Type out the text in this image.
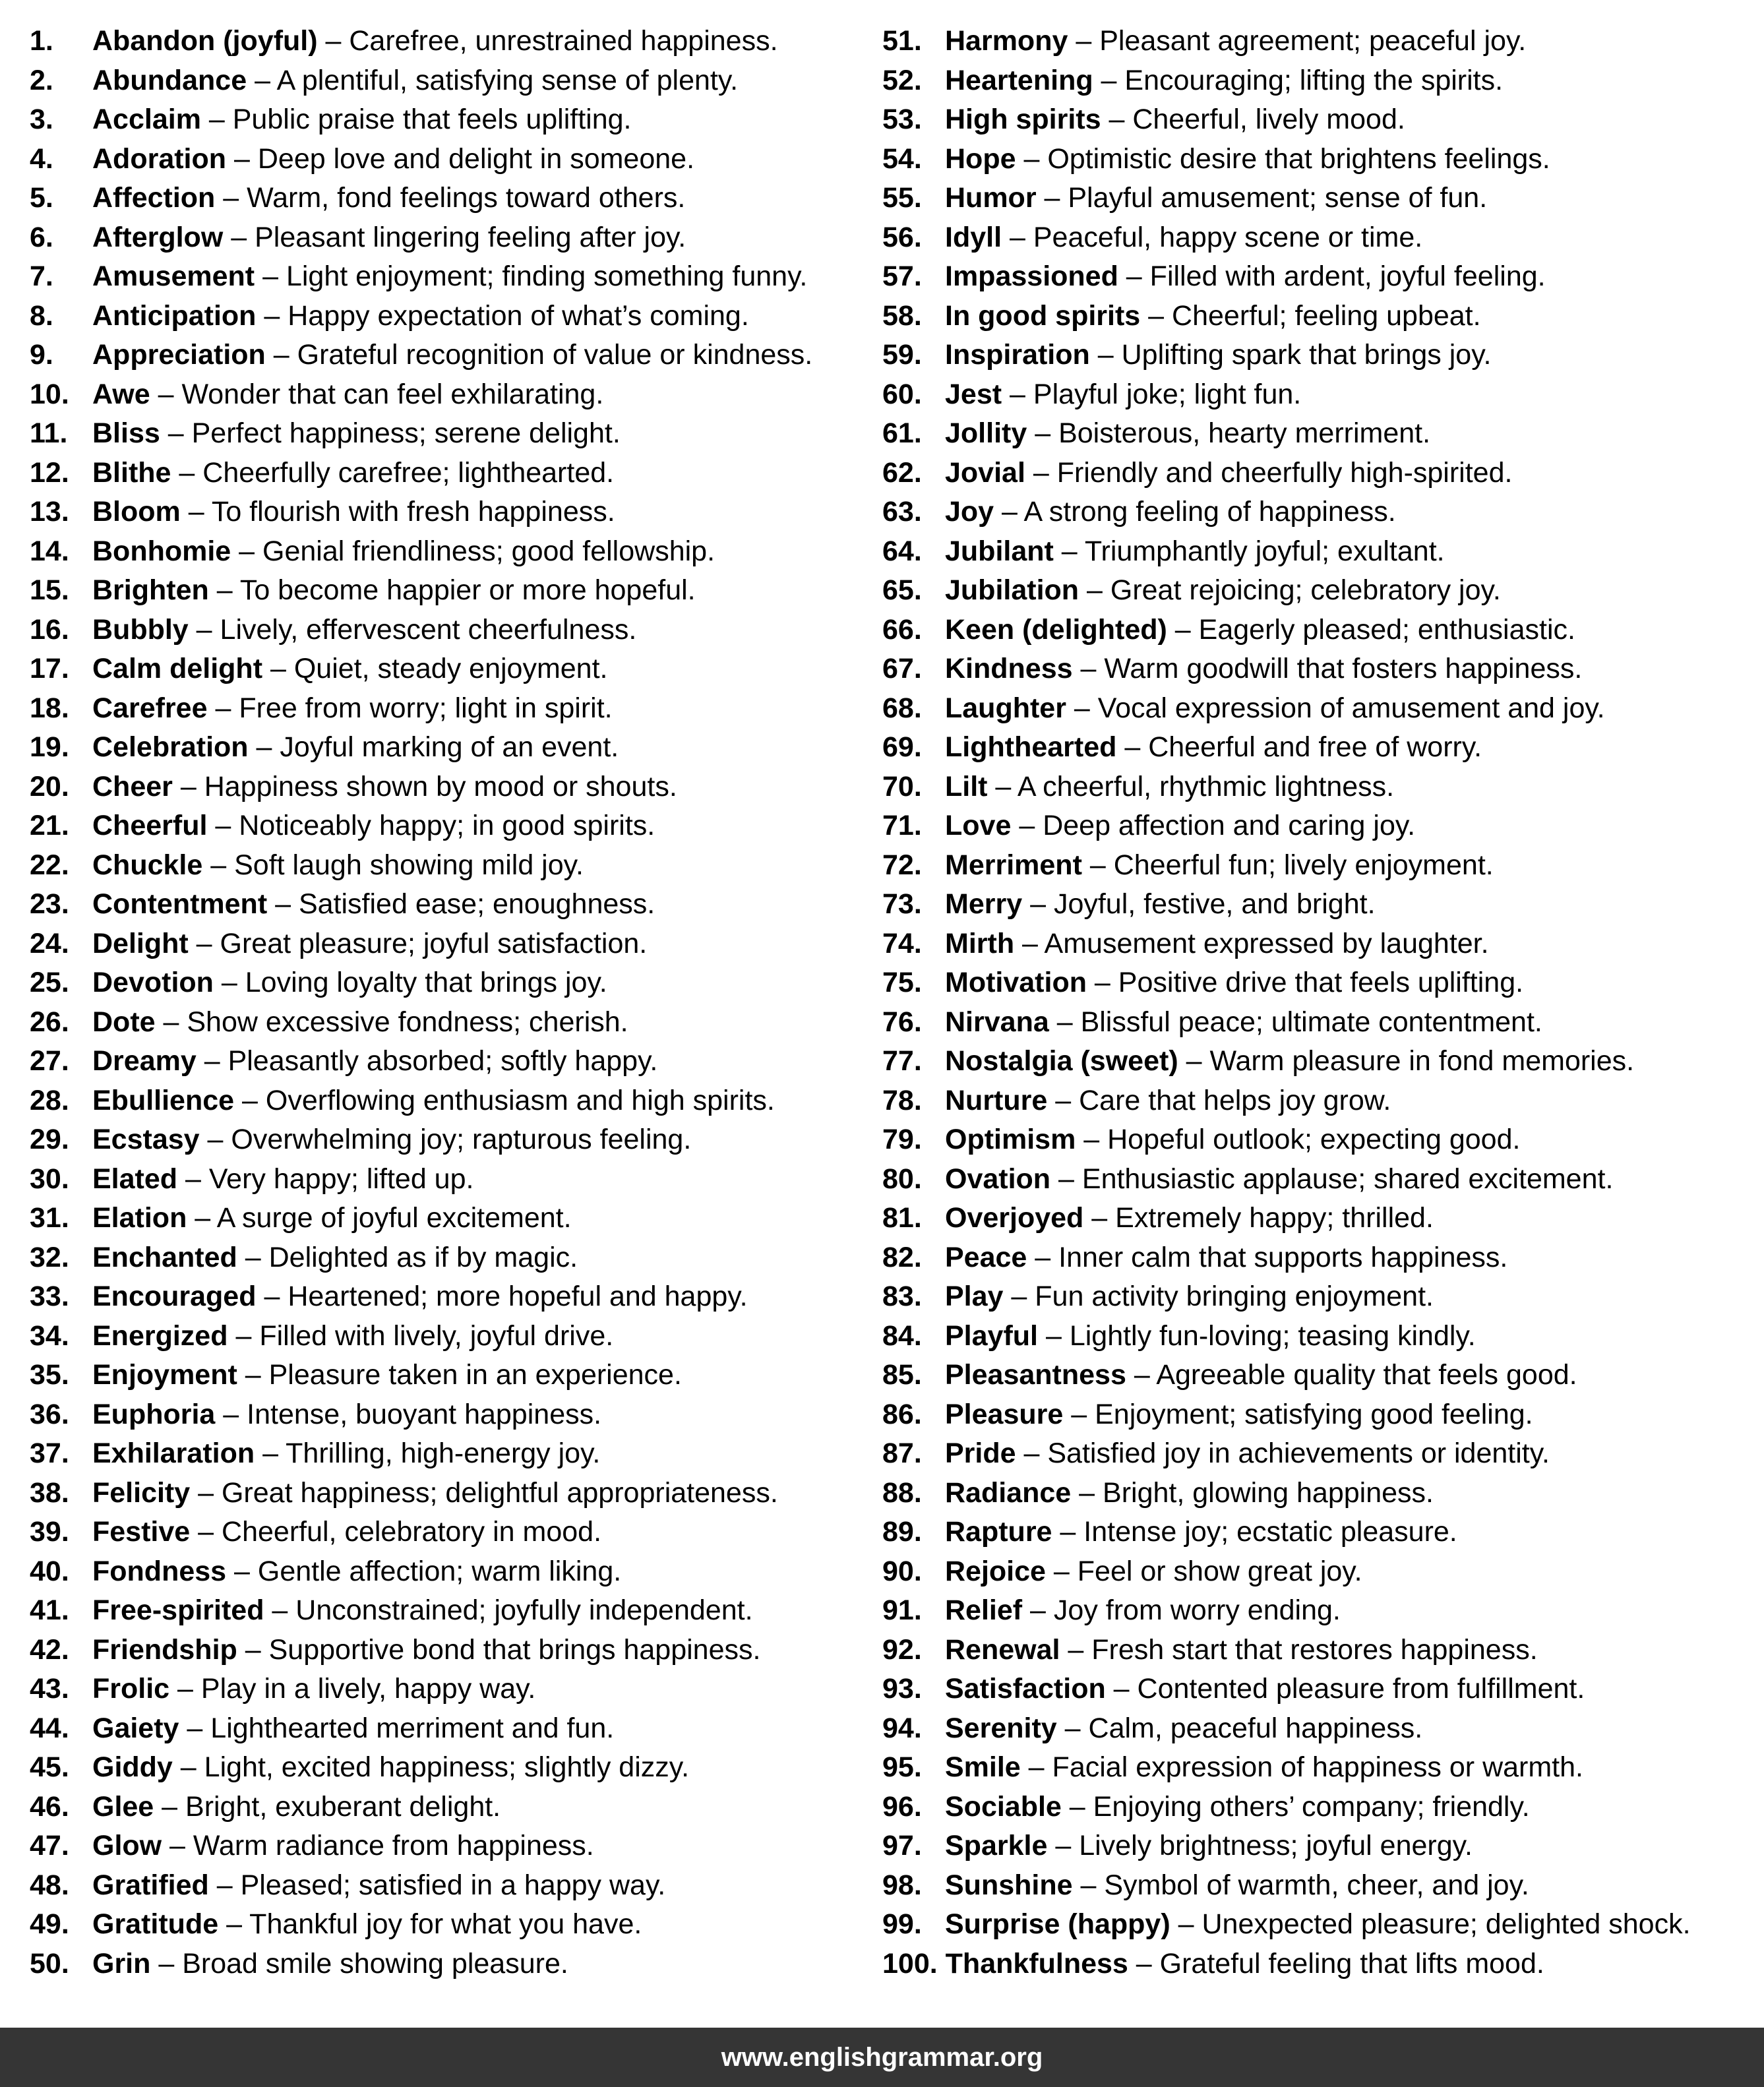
1. Abandon (joyful) – Carefree, unrestrained happiness.
2. Abundance – A plentiful, satisfying sense of plenty.
3. Acclaim – Public praise that feels uplifting.
4. Adoration – Deep love and delight in someone.
5. Affection – Warm, fond feelings toward others.
6. Afterglow – Pleasant lingering feeling after joy.
7. Amusement – Light enjoyment; finding something funny.
8. Anticipation – Happy expectation of what’s coming.
9. Appreciation – Grateful recognition of value or kindness.
10. Awe – Wonder that can feel exhilarating.
11. Bliss – Perfect happiness; serene delight.
12. Blithe – Cheerfully carefree; lighthearted.
13. Bloom – To flourish with fresh happiness.
14. Bonhomie – Genial friendliness; good fellowship.
15. Brighten – To become happier or more hopeful.
16. Bubbly – Lively, effervescent cheerfulness.
17. Calm delight – Quiet, steady enjoyment.
18. Carefree – Free from worry; light in spirit.
19. Celebration – Joyful marking of an event.
20. Cheer – Happiness shown by mood or shouts.
21. Cheerful – Noticeably happy; in good spirits.
22. Chuckle – Soft laugh showing mild joy.
23. Contentment – Satisfied ease; enoughness.
24. Delight – Great pleasure; joyful satisfaction.
25. Devotion – Loving loyalty that brings joy.
26. Dote – Show excessive fondness; cherish.
27. Dreamy – Pleasantly absorbed; softly happy.
28. Ebullience – Overflowing enthusiasm and high spirits.
29. Ecstasy – Overwhelming joy; rapturous feeling.
30. Elated – Very happy; lifted up.
31. Elation – A surge of joyful excitement.
32. Enchanted – Delighted as if by magic.
33. Encouraged – Heartened; more hopeful and happy.
34. Energized – Filled with lively, joyful drive.
35. Enjoyment – Pleasure taken in an experience.
36. Euphoria – Intense, buoyant happiness.
37. Exhilaration – Thrilling, high-energy joy.
38. Felicity – Great happiness; delightful appropriateness.
39. Festive – Cheerful, celebratory in mood.
40. Fondness – Gentle affection; warm liking.
41. Free-spirited – Unconstrained; joyfully independent.
42. Friendship – Supportive bond that brings happiness.
43. Frolic – Play in a lively, happy way.
44. Gaiety – Lighthearted merriment and fun.
45. Giddy – Light, excited happiness; slightly dizzy.
46. Glee – Bright, exuberant delight.
47. Glow – Warm radiance from happiness.
48. Gratified – Pleased; satisfied in a happy way.
49. Gratitude – Thankful joy for what you have.
50. Grin – Broad smile showing pleasure.
51. Harmony – Pleasant agreement; peaceful joy.
52. Heartening – Encouraging; lifting the spirits.
53. High spirits – Cheerful, lively mood.
54. Hope – Optimistic desire that brightens feelings.
55. Humor – Playful amusement; sense of fun.
56. Idyll – Peaceful, happy scene or time.
57. Impassioned – Filled with ardent, joyful feeling.
58. In good spirits – Cheerful; feeling upbeat.
59. Inspiration – Uplifting spark that brings joy.
60. Jest – Playful joke; light fun.
61. Jollity – Boisterous, hearty merriment.
62. Jovial – Friendly and cheerfully high-spirited.
63. Joy – A strong feeling of happiness.
64. Jubilant – Triumphantly joyful; exultant.
65. Jubilation – Great rejoicing; celebratory joy.
66. Keen (delighted) – Eagerly pleased; enthusiastic.
67. Kindness – Warm goodwill that fosters happiness.
68. Laughter – Vocal expression of amusement and joy.
69. Lighthearted – Cheerful and free of worry.
70. Lilt – A cheerful, rhythmic lightness.
71. Love – Deep affection and caring joy.
72. Merriment – Cheerful fun; lively enjoyment.
73. Merry – Joyful, festive, and bright.
74. Mirth – Amusement expressed by laughter.
75. Motivation – Positive drive that feels uplifting.
76. Nirvana – Blissful peace; ultimate contentment.
77. Nostalgia (sweet) – Warm pleasure in fond memories.
78. Nurture – Care that helps joy grow.
79. Optimism – Hopeful outlook; expecting good.
80. Ovation – Enthusiastic applause; shared excitement.
81. Overjoyed – Extremely happy; thrilled.
82. Peace – Inner calm that supports happiness.
83. Play – Fun activity bringing enjoyment.
84. Playful – Lightly fun-loving; teasing kindly.
85. Pleasantness – Agreeable quality that feels good.
86. Pleasure – Enjoyment; satisfying good feeling.
87. Pride – Satisfied joy in achievements or identity.
88. Radiance – Bright, glowing happiness.
89. Rapture – Intense joy; ecstatic pleasure.
90. Rejoice – Feel or show great joy.
91. Relief – Joy from worry ending.
92. Renewal – Fresh start that restores happiness.
93. Satisfaction – Contented pleasure from fulfillment.
94. Serenity – Calm, peaceful happiness.
95. Smile – Facial expression of happiness or warmth.
96. Sociable – Enjoying others’ company; friendly.
97. Sparkle – Lively brightness; joyful energy.
98. Sunshine – Symbol of warmth, cheer, and joy.
99. Surprise (happy) – Unexpected pleasure; delighted shock.
100. Thankfulness – Grateful feeling that lifts mood.
www.englishgrammar.org
